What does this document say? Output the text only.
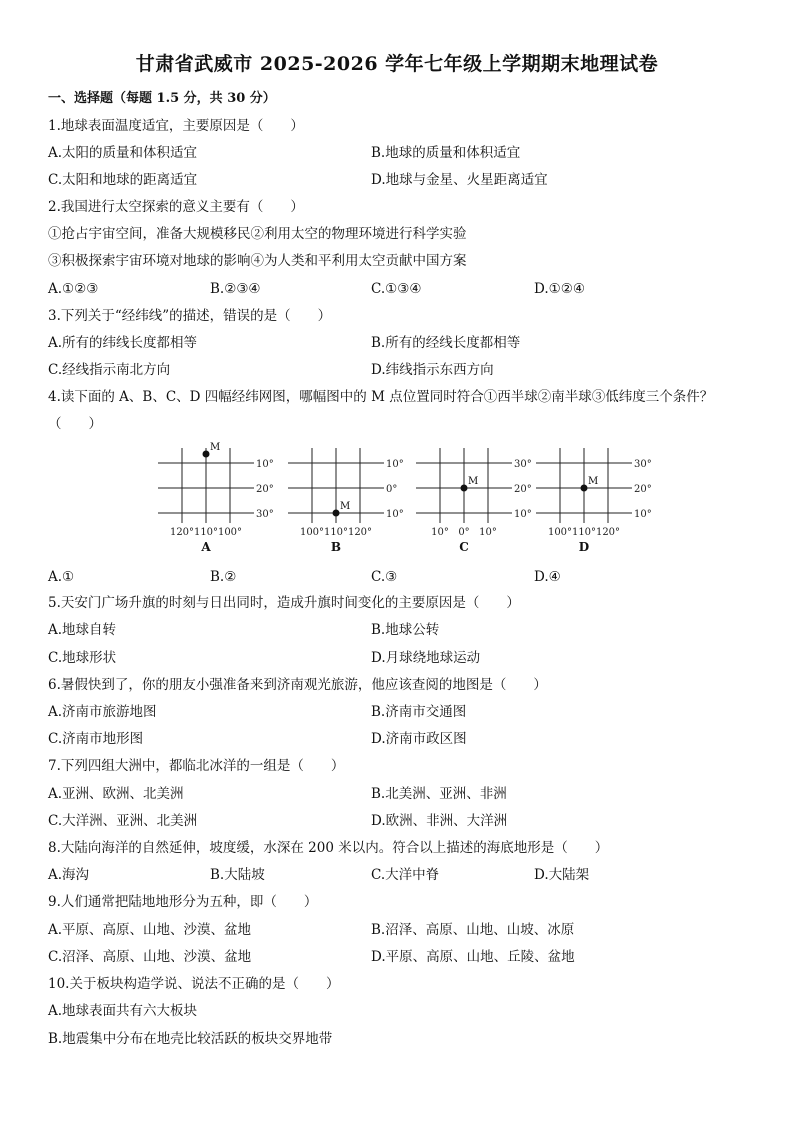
甘肃省武威市 2025-2026 学年七年级上学期期末地理试卷
一、选择题（每题 1.5 分，共 30 分）
1.地球表面温度适宜，主要原因是（　　）
A.太阳的质量和体积适宜	B.地球的质量和体积适宜
C.太阳和地球的距离适宜	D.地球与金星、火星距离适宜
2.我国进行太空探索的意义主要有（　　）
①抢占宇宙空间，准备大规模移民②利用太空的物理环境进行科学实验
③积极探索宇宙环境对地球的影响④为人类和平利用太空贡献中国方案
A.①②③	B.②③④	C.①③④	D.①②④
3.下列关于“经纬线”的描述，错误的是（　　）
A.所有的纬线长度都相等	B.所有的经线长度都相等
C.经线指示南北方向	D.纬线指示东西方向
4.读下面的 A、B、C、D 四幅经纬网图，哪幅图中的 M 点位置同时符合①西半球②南半球③低纬度三个条件？
（　　）
10°
20°
30°
120° 110° 100°
A
M
10°
0°
10°
100° 110° 120°
B
M
30°
20°
10°
10° 0° 10°
C
M
30°
20°
10°
100° 110° 120°
D
M
A.①	B.②	C.③	D.④
5.天安门广场升旗的时刻与日出同时，造成升旗时间变化的主要原因是（　　）
A.地球自转	B.地球公转
C.地球形状	D.月球绕地球运动
6.暑假快到了，你的朋友小强准备来到济南观光旅游，他应该查阅的地图是（　　）
A.济南市旅游地图	B.济南市交通图
C.济南市地形图	D.济南市政区图
7.下列四组大洲中，都临北冰洋的一组是（　　）
A.亚洲、欧洲、北美洲	B.北美洲、亚洲、非洲
C.大洋洲、亚洲、北美洲	D.欧洲、非洲、大洋洲
8.大陆向海洋的自然延伸，坡度缓，水深在 200 米以内。符合以上描述的海底地形是（　　）
A.海沟	B.大陆坡	C.大洋中脊	D.大陆架
9.人们通常把陆地地形分为五种，即（　　）
A.平原、高原、山地、沙漠、盆地	B.沼泽、高原、山地、山坡、冰原
C.沼泽、高原、山地、沙漠、盆地	D.平原、高原、山地、丘陵、盆地
10.关于板块构造学说、说法不正确的是（　　）
A.地球表面共有六大板块
B.地震集中分布在地壳比较活跃的板块交界地带
